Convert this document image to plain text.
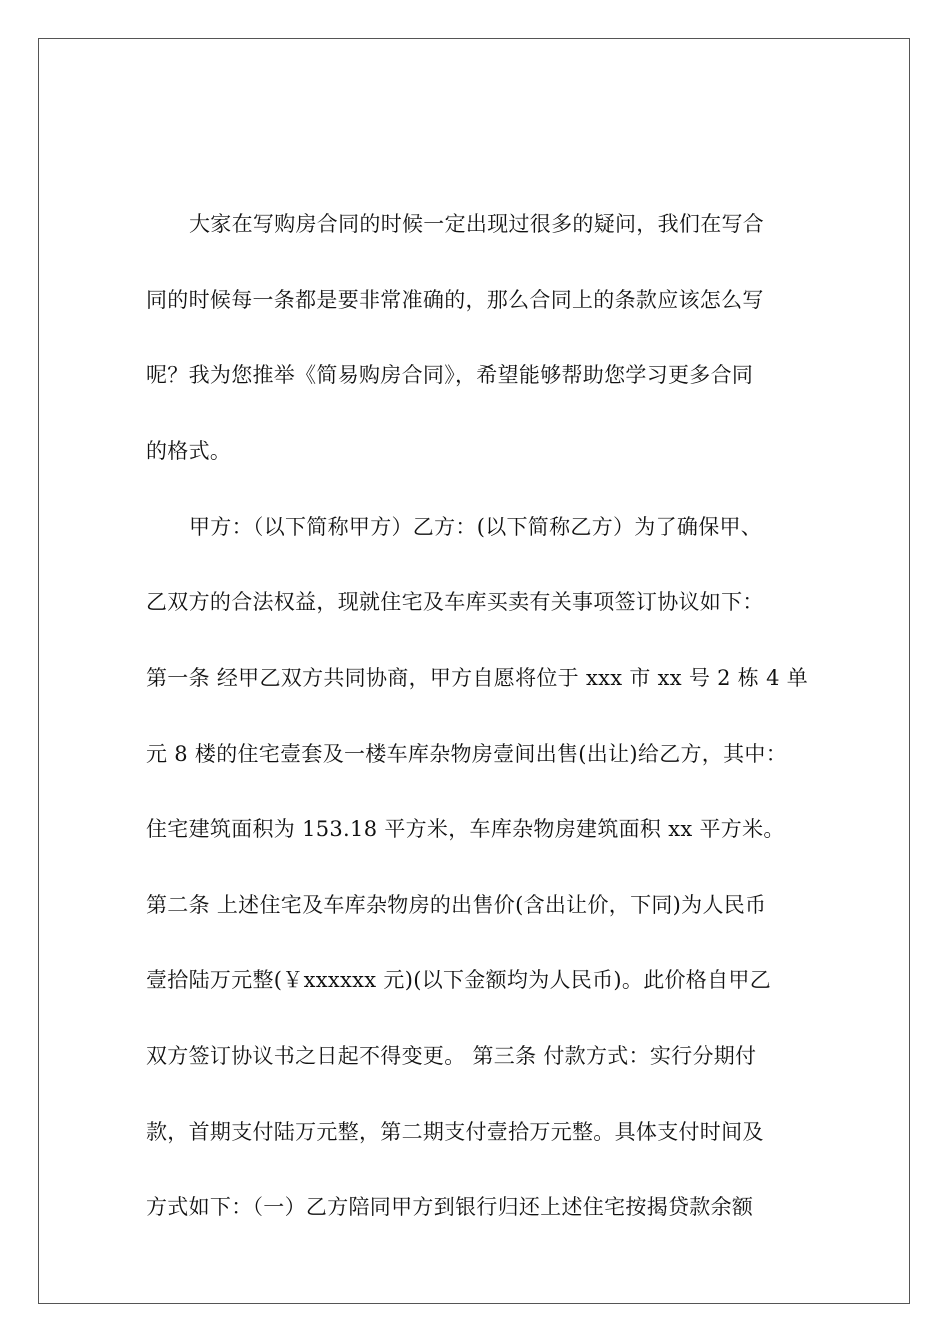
大家在写购房合同的时候一定出现过很多的疑问，我们在写合
同的时候每一条都是要非常准确的，那么合同上的条款应该怎么写
呢？我为您推举《简易购房合同》，希望能够帮助您学习更多合同
的格式。
甲方：（以下简称甲方）乙方：(以下简称乙方）为了确保甲、
乙双方的合法权益，现就住宅及车库买卖有关事项签订协议如下：
第一条 经甲乙双方共同协商，甲方自愿将位于 xxx 市 xx 号 2 栋 4 单
元 8 楼的住宅壹套及一楼车库杂物房壹间出售(出让)给乙方，其中：
住宅建筑面积为 153.18 平方米，车库杂物房建筑面积 xx 平方米。
第二条 上述住宅及车库杂物房的出售价(含出让价，下同)为人民币
壹拾陆万元整(￥xxxxxx 元)(以下金额均为人民币)。此价格自甲乙
双方签订协议书之日起不得变更。 第三条 付款方式：实行分期付
款，首期支付陆万元整，第二期支付壹拾万元整。具体支付时间及
方式如下：（一）乙方陪同甲方到银行归还上述住宅按揭贷款余额
